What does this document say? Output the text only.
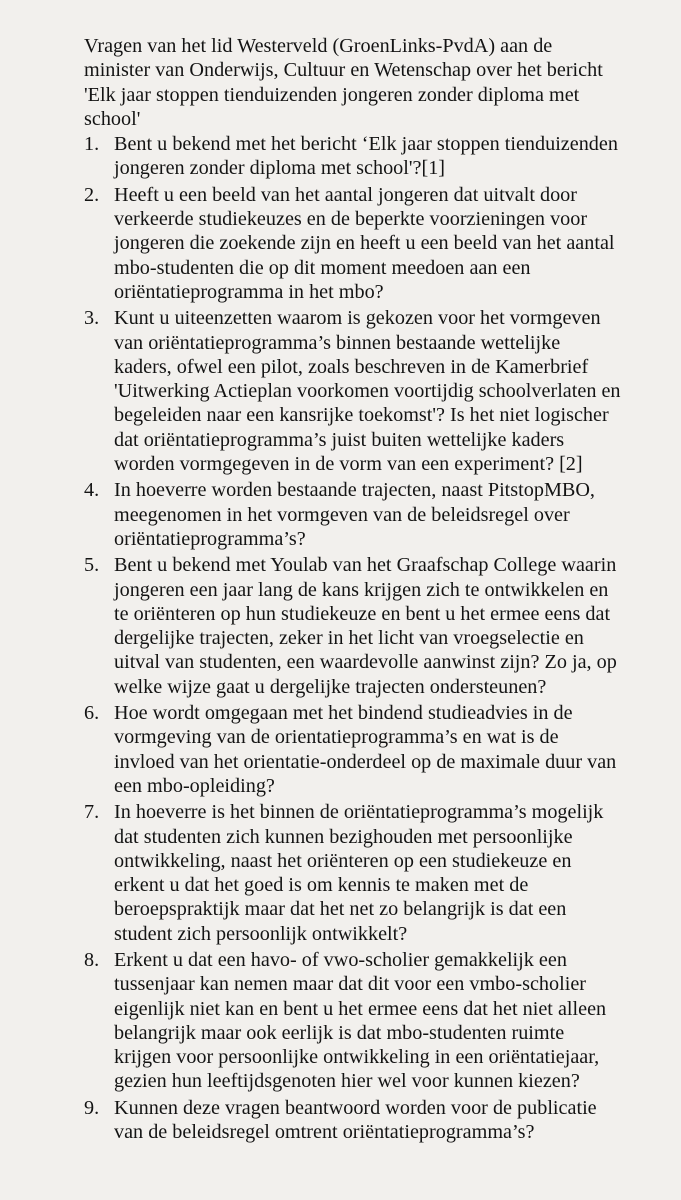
Vragen van het lid Westerveld (GroenLinks-PvdA) aan de minister van Onderwijs, Cultuur en Wetenschap over het bericht 'Elk jaar stoppen tienduizenden jongeren zonder diploma met school'
1. Bent u bekend met het bericht ‘Elk jaar stoppen tienduizenden jongeren zonder diploma met school'?[1]
2. Heeft u een beeld van het aantal jongeren dat uitvalt door verkeerde studiekeuzes en de beperkte voorzieningen voor jongeren die zoekende zijn en heeft u een beeld van het aantal mbo-studenten die op dit moment meedoen aan een oriëntatieprogramma in het mbo?
3. Kunt u uiteenzetten waarom is gekozen voor het vormgeven van oriëntatieprogramma’s binnen bestaande wettelijke kaders, ofwel een pilot, zoals beschreven in de Kamerbrief 'Uitwerking Actieplan voorkomen voortijdig schoolverlaten en begeleiden naar een kansrijke toekomst'? Is het niet logischer dat oriëntatieprogramma’s juist buiten wettelijke kaders worden vormgegeven in de vorm van een experiment? [2]
4. In hoeverre worden bestaande trajecten, naast PitstopMBO, meegenomen in het vormgeven van de beleidsregel over oriëntatieprogramma’s?
5. Bent u bekend met Youlab van het Graafschap College waarin jongeren een jaar lang de kans krijgen zich te ontwikkelen en te oriënteren op hun studiekeuze en bent u het ermee eens dat dergelijke trajecten, zeker in het licht van vroegselectie en uitval van studenten, een waardevolle aanwinst zijn? Zo ja, op welke wijze gaat u dergelijke trajecten ondersteunen?
6. Hoe wordt omgegaan met het bindend studieadvies in de vormgeving van de orientatieprogramma’s en wat is de invloed van het orientatie-onderdeel op de maximale duur van een mbo-opleiding?
7. In hoeverre is het binnen de oriëntatieprogramma’s mogelijk dat studenten zich kunnen bezighouden met persoonlijke ontwikkeling, naast het oriënteren op een studiekeuze en erkent u dat het goed is om kennis te maken met de beroepspraktijk maar dat het net zo belangrijk is dat een student zich persoonlijk ontwikkelt?
8. Erkent u dat een havo- of vwo-scholier gemakkelijk een tussenjaar kan nemen maar dat dit voor een vmbo-scholier eigenlijk niet kan en bent u het ermee eens dat het niet alleen belangrijk maar ook eerlijk is dat mbo-studenten ruimte krijgen voor persoonlijke ontwikkeling in een oriëntatiejaar, gezien hun leeftijdsgenoten hier wel voor kunnen kiezen?
9. Kunnen deze vragen beantwoord worden voor de publicatie van de beleidsregel omtrent oriëntatieprogramma’s?
